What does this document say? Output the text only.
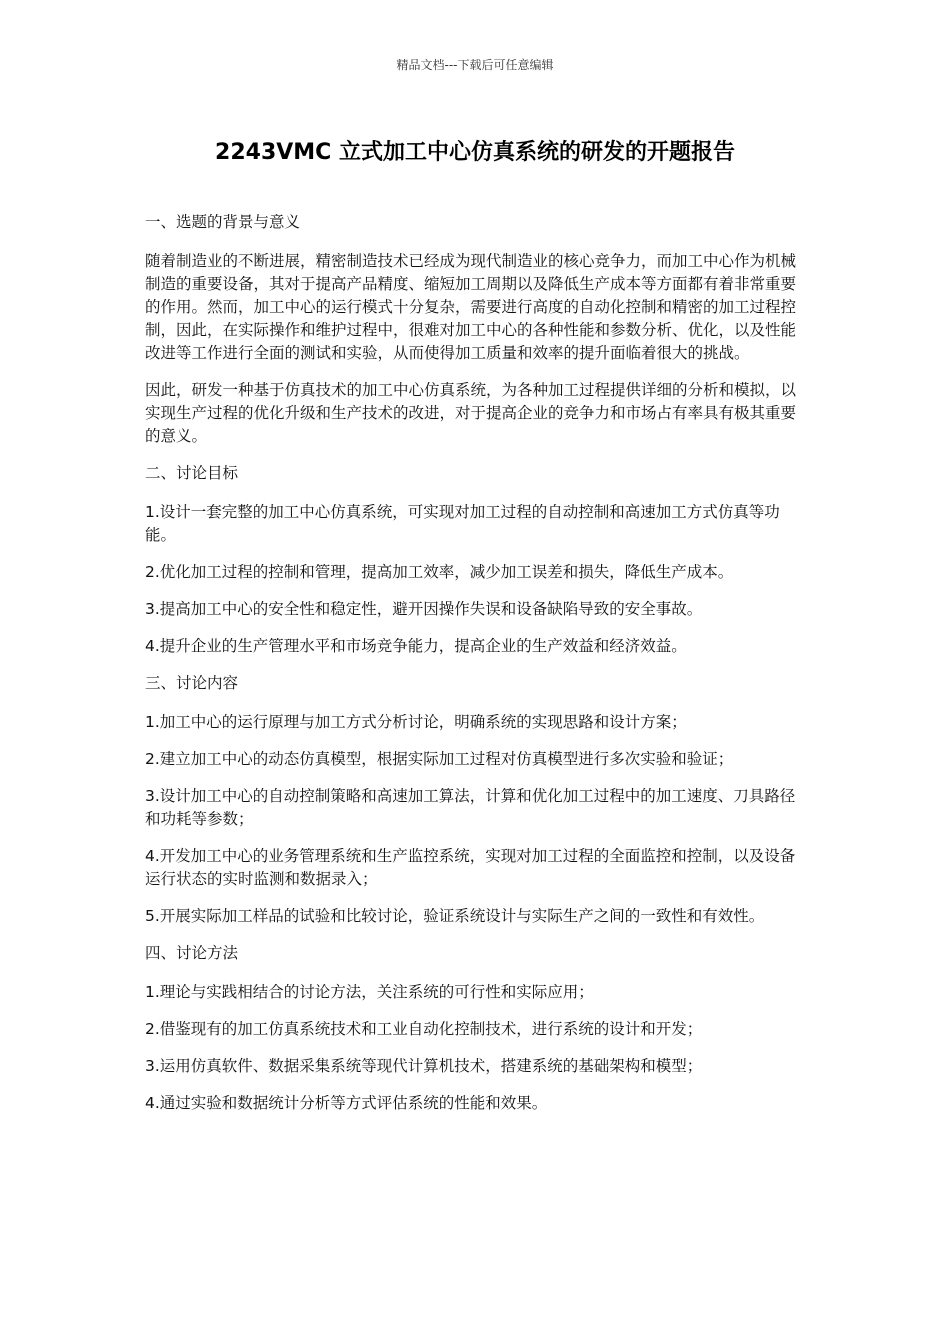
精品文档---下载后可任意编辑
2243VMC 立式加工中心仿真系统的研发的开题报告

一、选题的背景与意义

随着制造业的不断进展，精密制造技术已经成为现代制造业的核心竞争力，而加工中心作为机械制造的重要设备，其对于提高产品精度、缩短加工周期以及降低生产成本等方面都有着非常重要的作用。然而，加工中心的运行模式十分复杂，需要进行高度的自动化控制和精密的加工过程控制，因此，在实际操作和维护过程中，很难对加工中心的各种性能和参数分析、优化，以及性能改进等工作进行全面的测试和实验，从而使得加工质量和效率的提升面临着很大的挑战。

因此，研发一种基于仿真技术的加工中心仿真系统，为各种加工过程提供详细的分析和模拟，以实现生产过程的优化升级和生产技术的改进，对于提高企业的竞争力和市场占有率具有极其重要的意义。

二、讨论目标

1.设计一套完整的加工中心仿真系统，可实现对加工过程的自动控制和高速加工方式仿真等功能。

2.优化加工过程的控制和管理，提高加工效率，减少加工误差和损失，降低生产成本。

3.提高加工中心的安全性和稳定性，避开因操作失误和设备缺陷导致的安全事故。

4.提升企业的生产管理水平和市场竞争能力，提高企业的生产效益和经济效益。

三、讨论内容

1.加工中心的运行原理与加工方式分析讨论，明确系统的实现思路和设计方案；

2.建立加工中心的动态仿真模型，根据实际加工过程对仿真模型进行多次实验和验证；

3.设计加工中心的自动控制策略和高速加工算法，计算和优化加工过程中的加工速度、刀具路径和功耗等参数；

4.开发加工中心的业务管理系统和生产监控系统，实现对加工过程的全面监控和控制，以及设备运行状态的实时监测和数据录入；

5.开展实际加工样品的试验和比较讨论，验证系统设计与实际生产之间的一致性和有效性。

四、讨论方法

1.理论与实践相结合的讨论方法，关注系统的可行性和实际应用；

2.借鉴现有的加工仿真系统技术和工业自动化控制技术，进行系统的设计和开发；

3.运用仿真软件、数据采集系统等现代计算机技术，搭建系统的基础架构和模型；

4.通过实验和数据统计分析等方式评估系统的性能和效果。
